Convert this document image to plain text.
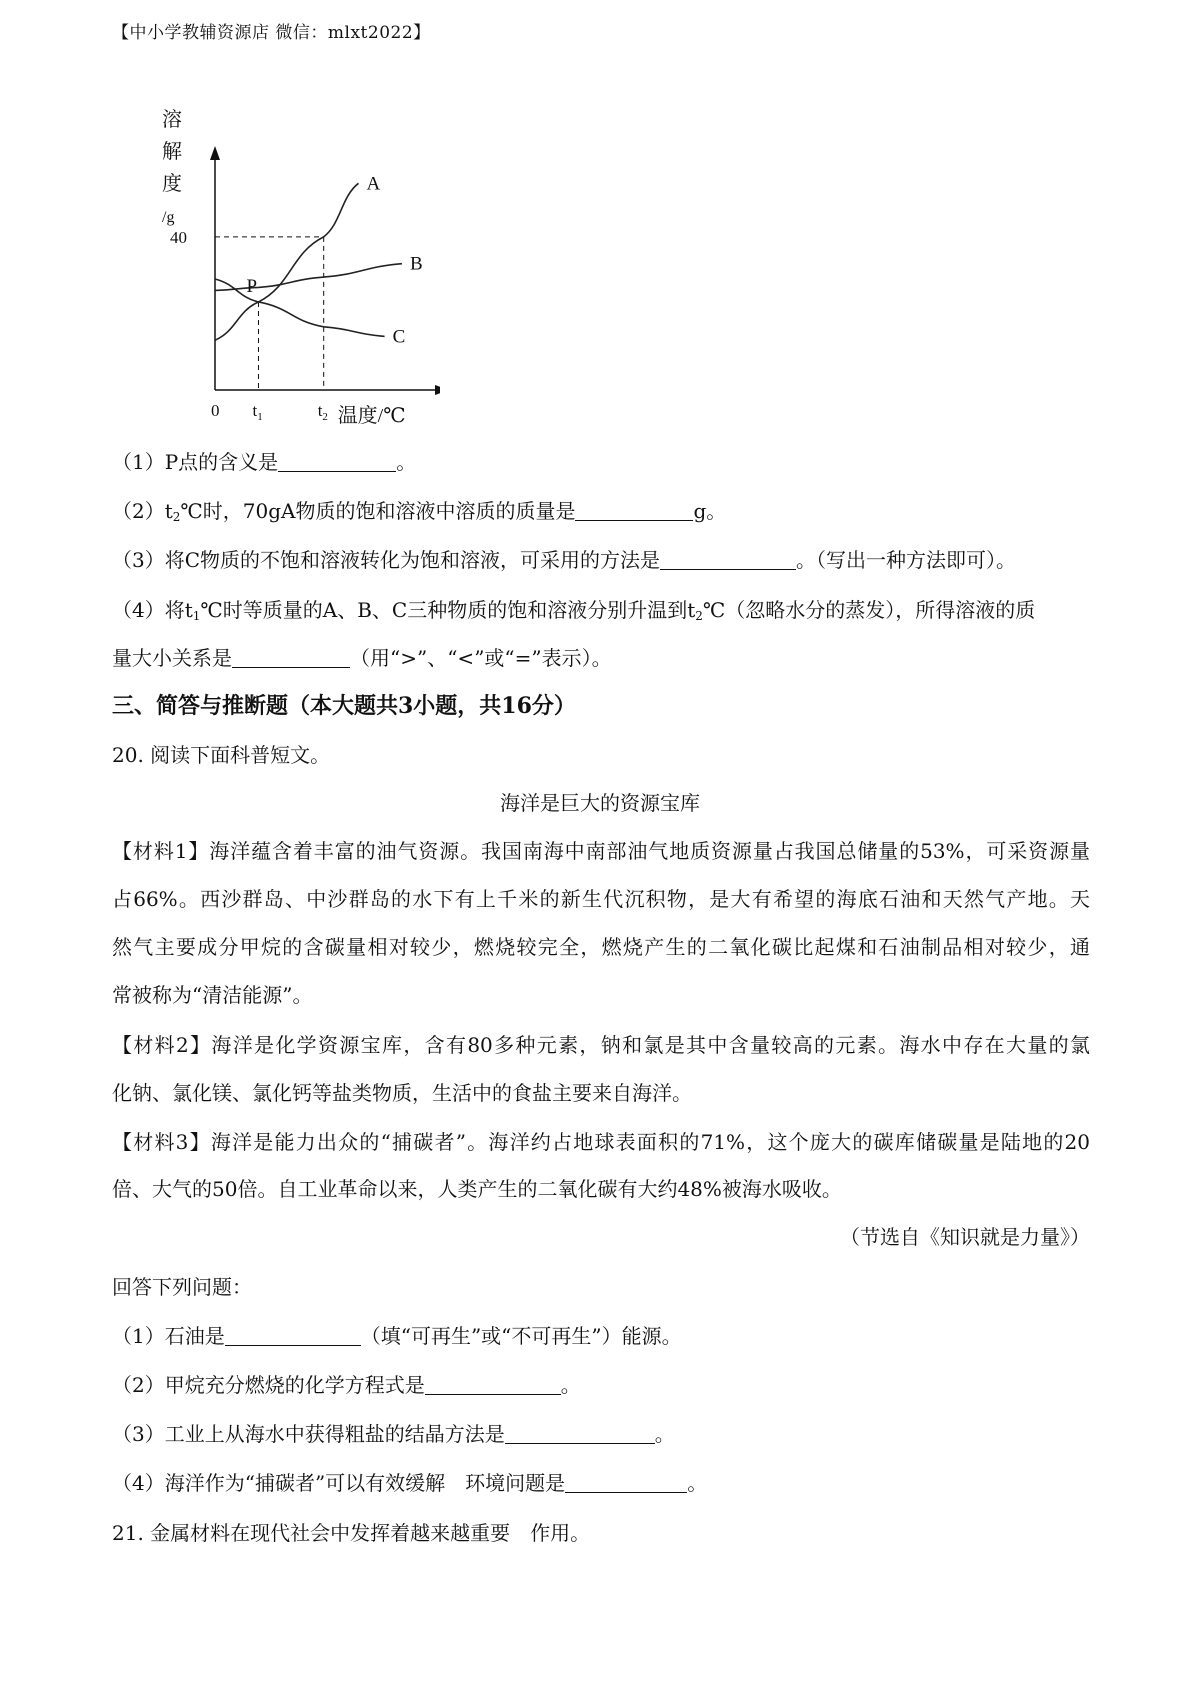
【中小学教辅资源店 微信：mlxt2022】
溶
解
度
/g
40
0 $t_1$	$t_2$ 温度/℃
A
B
C
P
（1）P点的含义是	。
$(2)t_2℃$时，70gA物质的饱和溶液中溶质的质量是	g。
（3）将C物质的不饱和溶液转化为饱和溶液，可采用的方法是	。（写出一种方法即可）。
（4）将$t_1℃$时等质量的A、B、C三种物质的饱和溶液分别升温到$t_2℃$（忽略水分的蒸发），所得溶液的质
量大小关系是	（用“>”、“<”或“=”表示）。
三、简答与推断题（本大题共3小题，共16分）
20. 阅读下面科普短文。
海洋是巨大的资源宝库
【材料1】海洋蕴含着丰富的油气资源。我国南海中南部油气地质资源量占我国总储量的53%，可采资源量
占66%。西沙群岛、中沙群岛的水下有上千米的新生代沉积物，是大有希望的海底石油和天然气产地。天
然气主要成分甲烷的含碳量相对较少，燃烧较完全，燃烧产生的二氧化碳比起煤和石油制品相对较少，通
常被称为“清洁能源”。
【材料2】海洋是化学资源宝库，含有80多种元素，钠和氯是其中含量较高的元素。海水中存在大量的氯
化钠、氯化镁、氯化钙等盐类物质，生活中的食盐主要来自海洋。
【材料3】海洋是能力出众的“捕碳者”。海洋约占地球表面积的71%，这个庞大的碳库储碳量是陆地的20
倍、大气的50倍。自工业革命以来，人类产生的二氧化碳有大约48%被海水吸收。
（节选自《知识就是力量》）
回答下列问题：
（1）石油是	（填“可再生”或“不可再生”）能源。
（2）甲烷充分燃烧的化学方程式是	。
（3）工业上从海水中获得粗盐的结晶方法是	。
（4）海洋作为“捕碳者”可以有效缓解　环境问题是	。
21. 金属材料在现代社会中发挥着越来越重要　作用。
